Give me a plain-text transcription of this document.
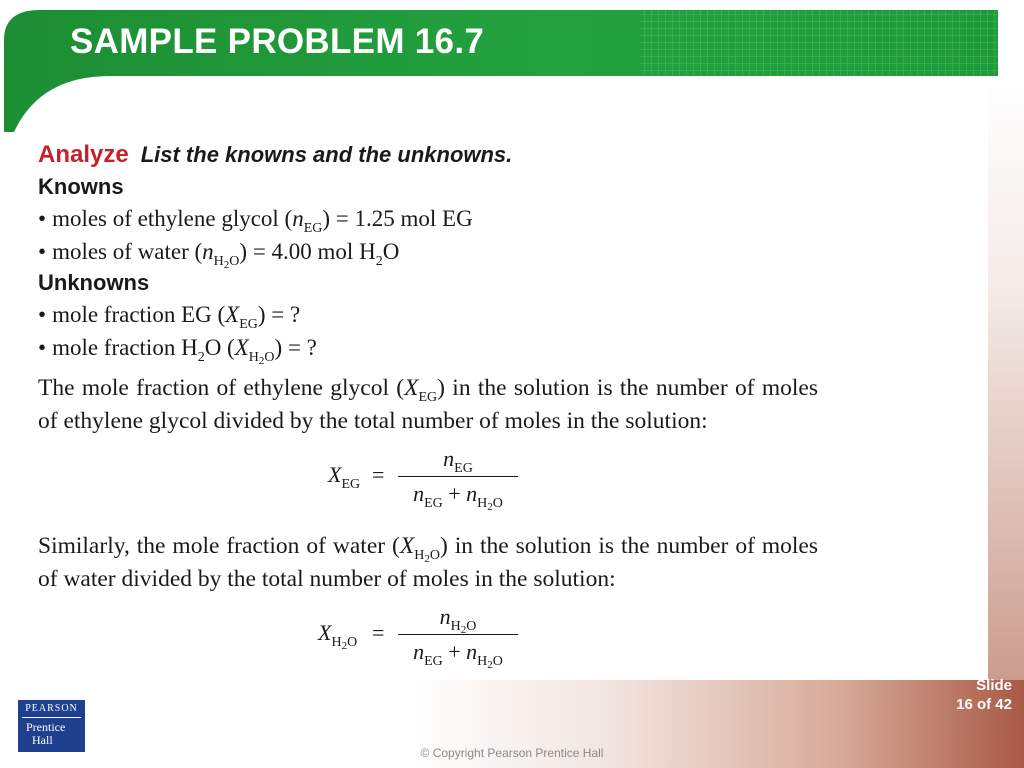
SAMPLE PROBLEM 16.7

Analyze List the knowns and the unknowns.

Knowns

• moles of ethylene glycol $(n_{EG}) = 1.25$ mol EG

• moles of water $(n_{H_2O}) = 4.00$ mol $H_2O$

Unknowns

• mole fraction EG $(X_{EG})$ = ?

• mole fraction $H_2O$ $(X_{H_2O})$ = ?

The mole fraction of ethylene glycol $(X_{EG})$ in the solution is the number of moles of ethylene glycol divided by the total number of moles in the solution:

$X_{EG}$ =
$n_{EG}$
$n_{EG} + n_{H_2O}$

Similarly, the mole fraction of water $(X_{H_2O})$ in the solution is the number of moles of water divided by the total number of moles in the solution:

$X_{H_2O}$ =
$n_{H_2O}$
$n_{EG} + n_{H_2O}$
PEARSON
Prentice
Hall
Slide
16 of 42
© Copyright Pearson Prentice Hall
